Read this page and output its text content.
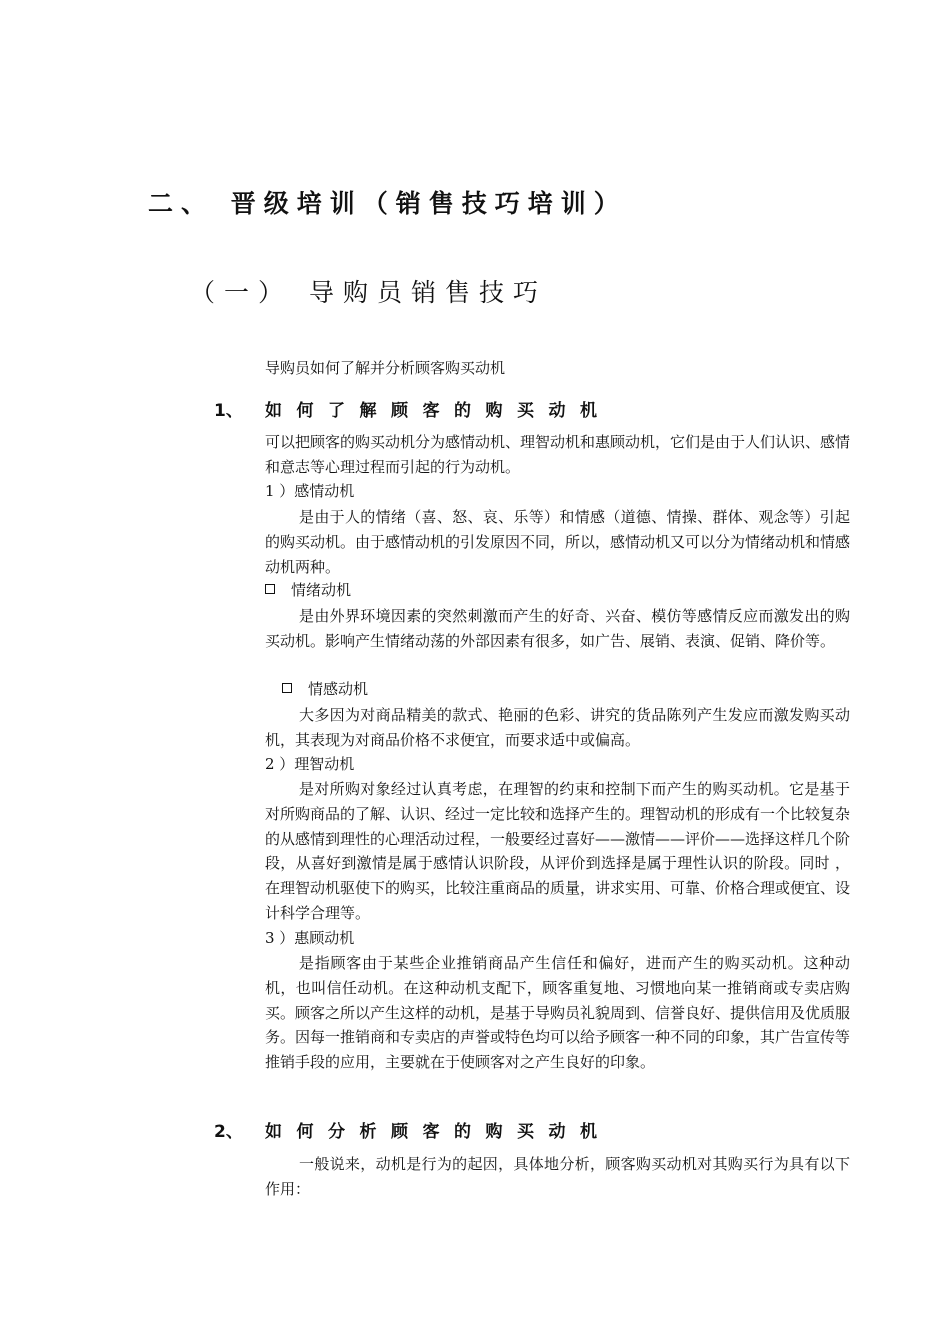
二、 晋级培训（销售技巧培训）
（一） 导购员销售技巧
导购员如何了解并分析顾客购买动机
1、 如何了解顾客的购买动机
可以把顾客的购买动机分为感情动机、理智动机和惠顾动机，它们是由于人们认识、感情和意志等心理过程而引起的行为动机。
1 ）感情动机
是由于人的情绪（喜、怒、哀、乐等）和情感（道德、情操、群体、观念等）引起的购买动机。由于感情动机的引发原因不同，所以，感情动机又可以分为情绪动机和情感动机两种。
情绪动机
是由外界环境因素的突然刺激而产生的好奇、兴奋、模仿等感情反应而激发出的购买动机。影响产生情绪动荡的外部因素有很多，如广告、展销、表演、促销、降价等。
情感动机
大多因为对商品精美的款式、艳丽的色彩、讲究的货品陈列产生发应而激发购买动机，其表现为对商品价格不求便宜，而要求适中或偏高。
2 ）理智动机
是对所购对象经过认真考虑，在理智的约束和控制下而产生的购买动机。它是基于对所购商品的了解、认识、经过一定比较和选择产生的。理智动机的形成有一个比较复杂的从感情到理性的心理活动过程，一般要经过喜好——激情——评价——选择这样几个阶段，从喜好到激情是属于感情认识阶段，从评价到选择是属于理性认识的阶段。同时 ，在理智动机驱使下的购买，比较注重商品的质量，讲求实用、可靠、价格合理或便宜、设计科学合理等。
3 ）惠顾动机
是指顾客由于某些企业推销商品产生信任和偏好，进而产生的购买动机。这种动机，也叫信任动机。在这种动机支配下，顾客重复地、习惯地向某一推销商或专卖店购买。顾客之所以产生这样的动机，是基于导购员礼貌周到、信誉良好、提供信用及优质服务。因每一推销商和专卖店的声誉或特色均可以给予顾客一种不同的印象，其广告宣传等推销手段的应用，主要就在于使顾客对之产生良好的印象。
2、 如何分析顾客的购买动机
一般说来，动机是行为的起因，具体地分析，顾客购买动机对其购买行为具有以下作用：
